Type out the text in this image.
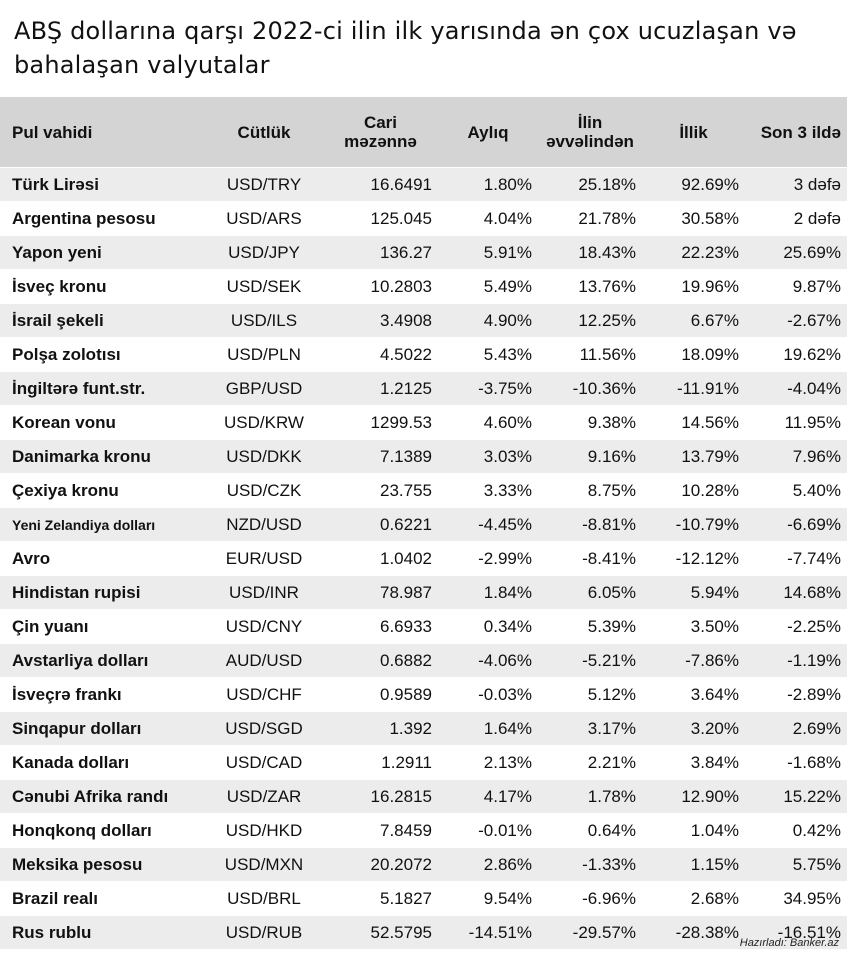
ABŞ dollarına qarşı 2022-ci ilin ilk yarısında ən çox ucuzlaşan və bahalaşan valyutalar
Pul vahidi	Cütlük	Cari məzənnə	Aylıq	İlin əvvəlindən	İllik	Son 3 ildə
Türk Lirəsi	USD/TRY	16.6491	1.80%	25.18%	92.69%	3 dəfə
Argentina pesosu	USD/ARS	125.045	4.04%	21.78%	30.58%	2 dəfə
Yapon yeni	USD/JPY	136.27	5.91%	18.43%	22.23%	25.69%
İsveç kronu	USD/SEK	10.2803	5.49%	13.76%	19.96%	9.87%
İsrail şekeli	USD/ILS	3.4908	4.90%	12.25%	6.67%	-2.67%
Polşa zolotısı	USD/PLN	4.5022	5.43%	11.56%	18.09%	19.62%
İngiltərə funt.str.	GBP/USD	1.2125	-3.75%	-10.36%	-11.91%	-4.04%
Korean vonu	USD/KRW	1299.53	4.60%	9.38%	14.56%	11.95%
Danimarka kronu	USD/DKK	7.1389	3.03%	9.16%	13.79%	7.96%
Çexiya kronu	USD/CZK	23.755	3.33%	8.75%	10.28%	5.40%
Yeni Zelandiya dolları	NZD/USD	0.6221	-4.45%	-8.81%	-10.79%	-6.69%
Avro	EUR/USD	1.0402	-2.99%	-8.41%	-12.12%	-7.74%
Hindistan rupisi	USD/INR	78.987	1.84%	6.05%	5.94%	14.68%
Çin yuanı	USD/CNY	6.6933	0.34%	5.39%	3.50%	-2.25%
Avstarliya dolları	AUD/USD	0.6882	-4.06%	-5.21%	-7.86%	-1.19%
İsveçrə frankı	USD/CHF	0.9589	-0.03%	5.12%	3.64%	-2.89%
Sinqapur dolları	USD/SGD	1.392	1.64%	3.17%	3.20%	2.69%
Kanada dolları	USD/CAD	1.2911	2.13%	2.21%	3.84%	-1.68%
Cənubi Afrika randı	USD/ZAR	16.2815	4.17%	1.78%	12.90%	15.22%
Honqkonq dolları	USD/HKD	7.8459	-0.01%	0.64%	1.04%	0.42%
Meksika pesosu	USD/MXN	20.2072	2.86%	-1.33%	1.15%	5.75%
Brazil realı	USD/BRL	5.1827	9.54%	-6.96%	2.68%	34.95%
Rus rublu	USD/RUB	52.5795	-14.51%	-29.57%	-28.38%	-16.51%
Hazırladı: Banker.az
